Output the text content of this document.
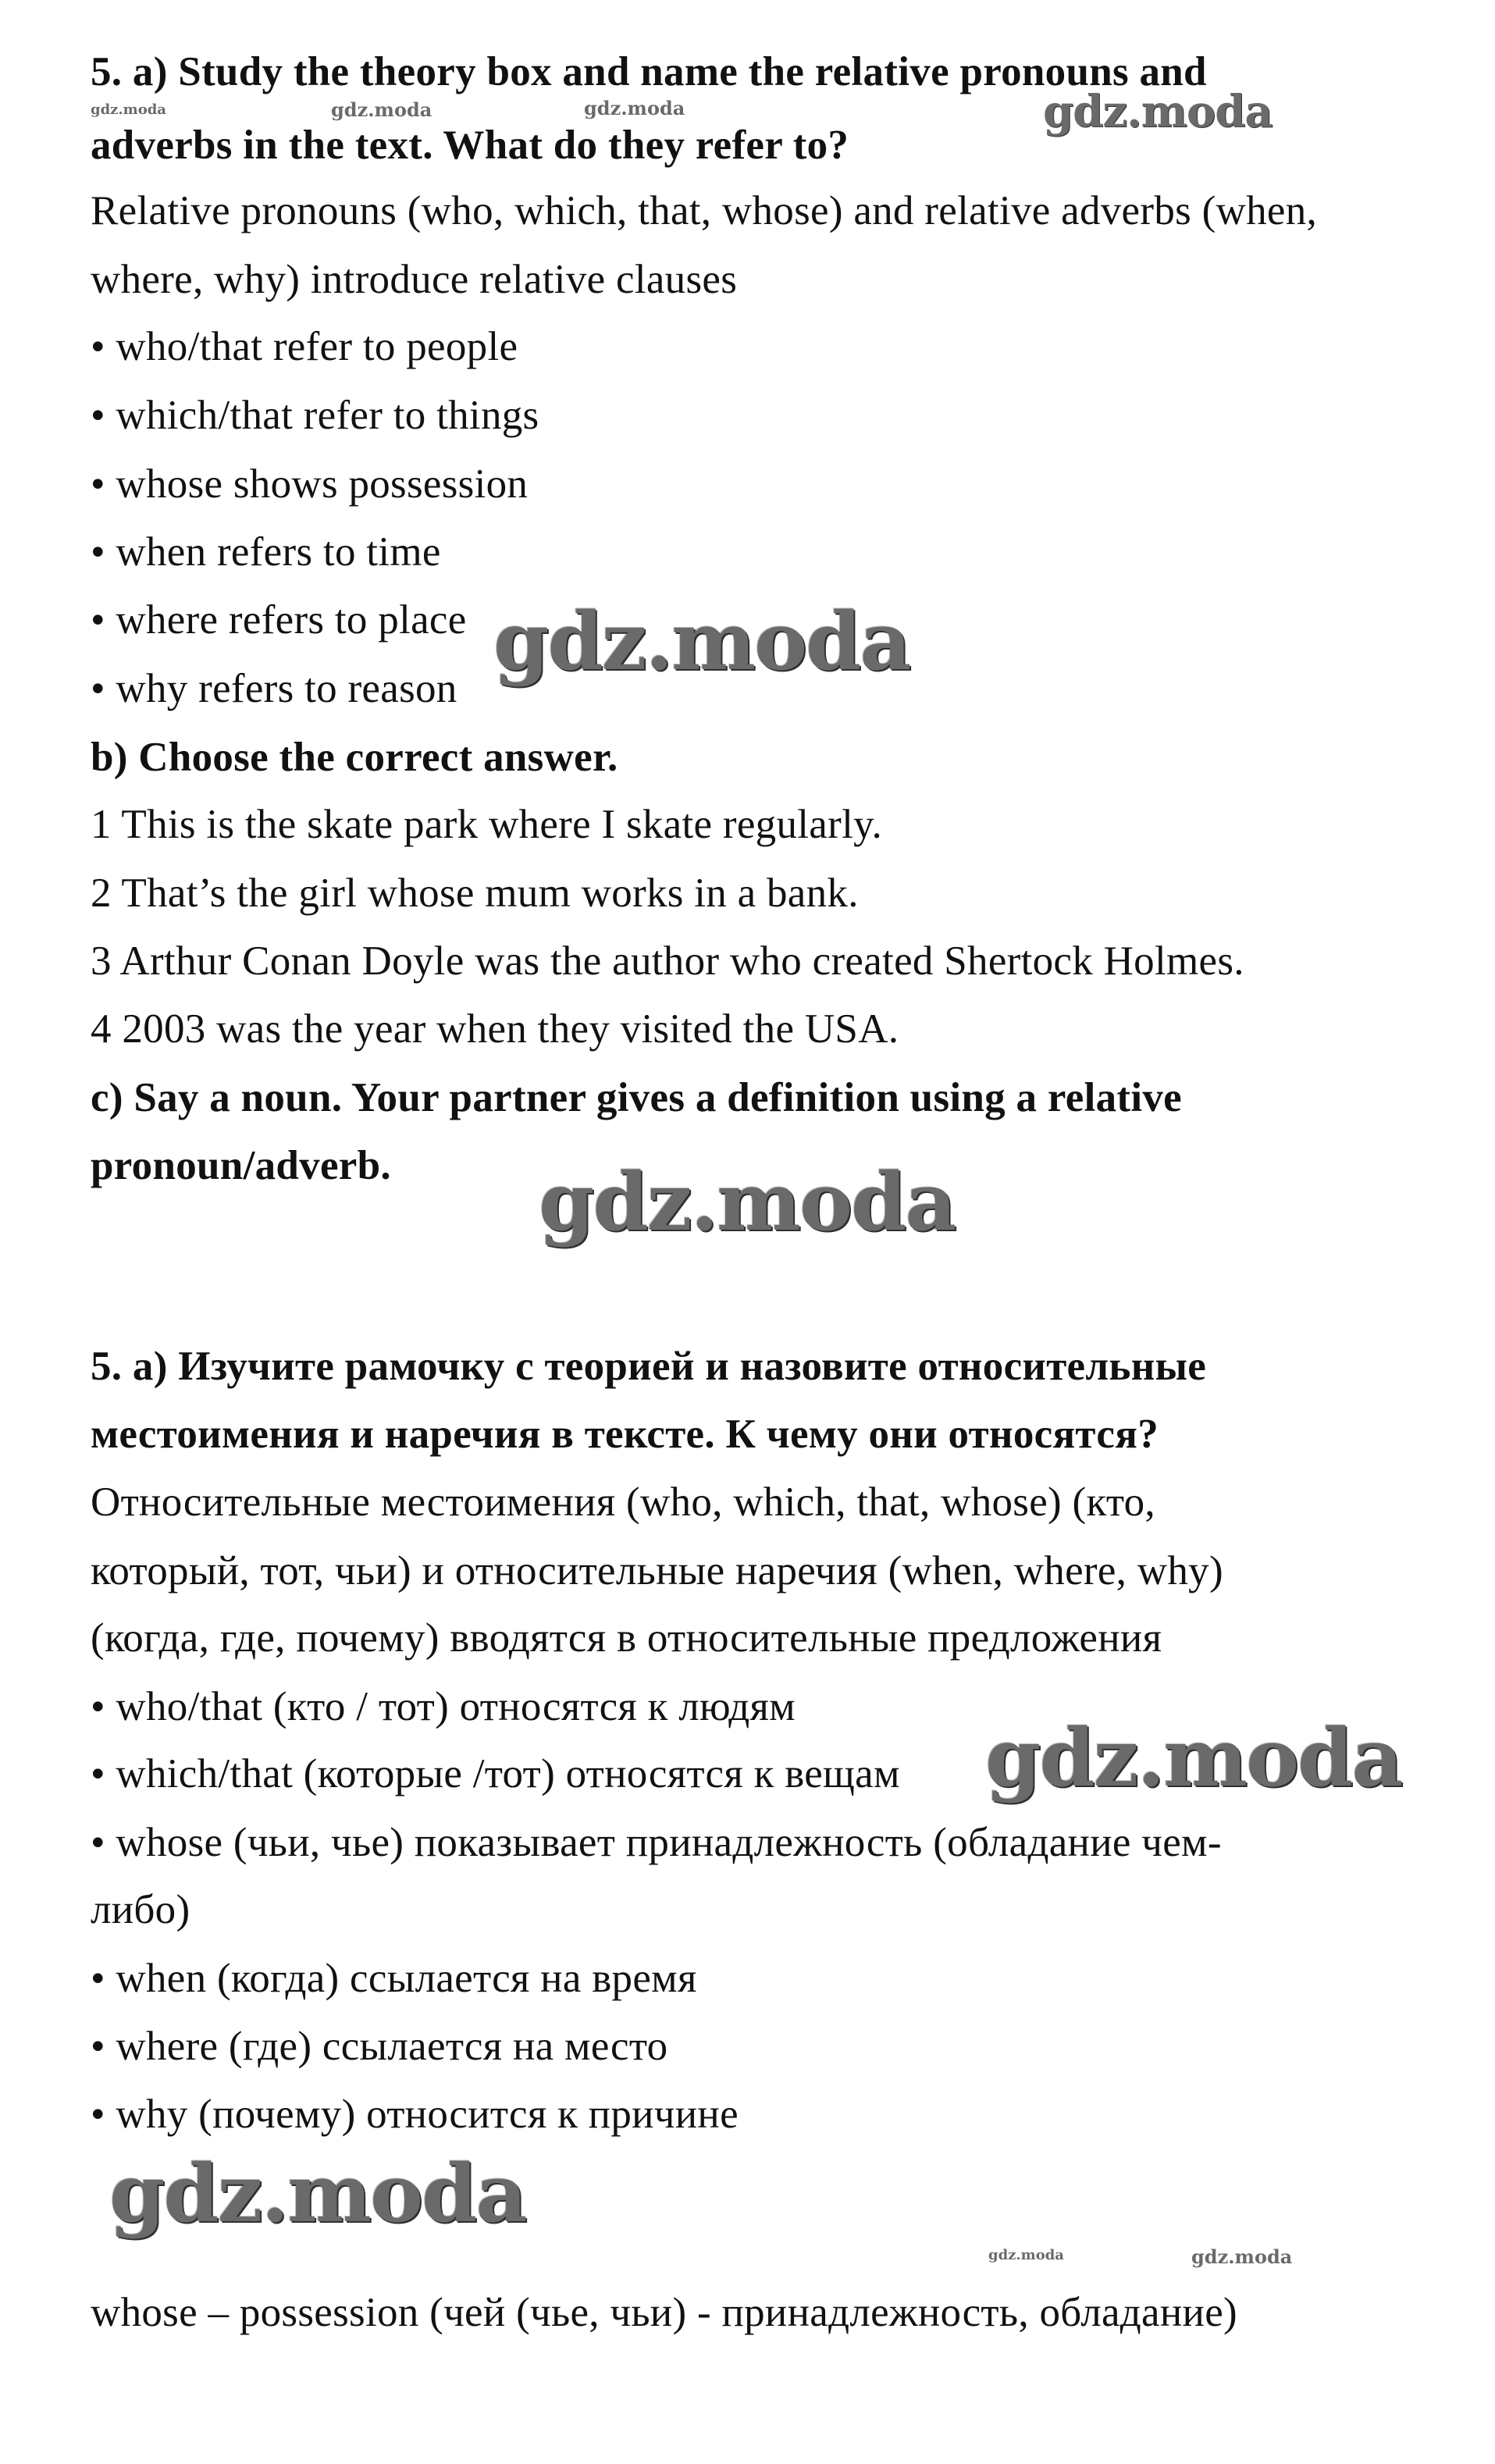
5. a) Study the theory box and name the relative pronouns and
adverbs in the text. What do they refer to?
Relative pronouns (who, which, that, whose) and relative adverbs (when,
where, why) introduce relative clauses
• who/that refer to people
• which/that refer to things
• whose shows possession
• when refers to time
• where refers to place
• why refers to reason
b) Choose the correct answer.
1 This is the skate park where I skate regularly.
2 That’s the girl whose mum works in a bank.
3 Arthur Conan Doyle was the author who created Shertock Holmes.
4 2003 was the year when they visited the USA.
c) Say a noun. Your partner gives a definition using a relative
pronoun/adverb.
5. а) Изучите рамочку с теорией и назовите относительные
местоимения и наречия в тексте. К чему они относятся?
Относительные местоимения (who, which, that, whose) (кто,
который, тот, чьи) и относительные наречия (when, where, why)
(когда, где, почему) вводятся в относительные предложения
• who/that (кто / тот) относятся к людям
• which/that (которые /тот) относятся к вещам
• whose (чьи, чье) показывает принадлежность (обладание чем-
либо)
• when (когда) ссылается на время
• where (где) ссылается на место
• why (почему) относится к причине
whose – possession (чей (чье, чьи) - принадлежность, обладание)
gdz.moda	gdz.moda	gdz.moda	gdz.moda
gdz.moda
gdz.moda
gdz.moda
gdz.moda
gdz.moda	gdz.moda
